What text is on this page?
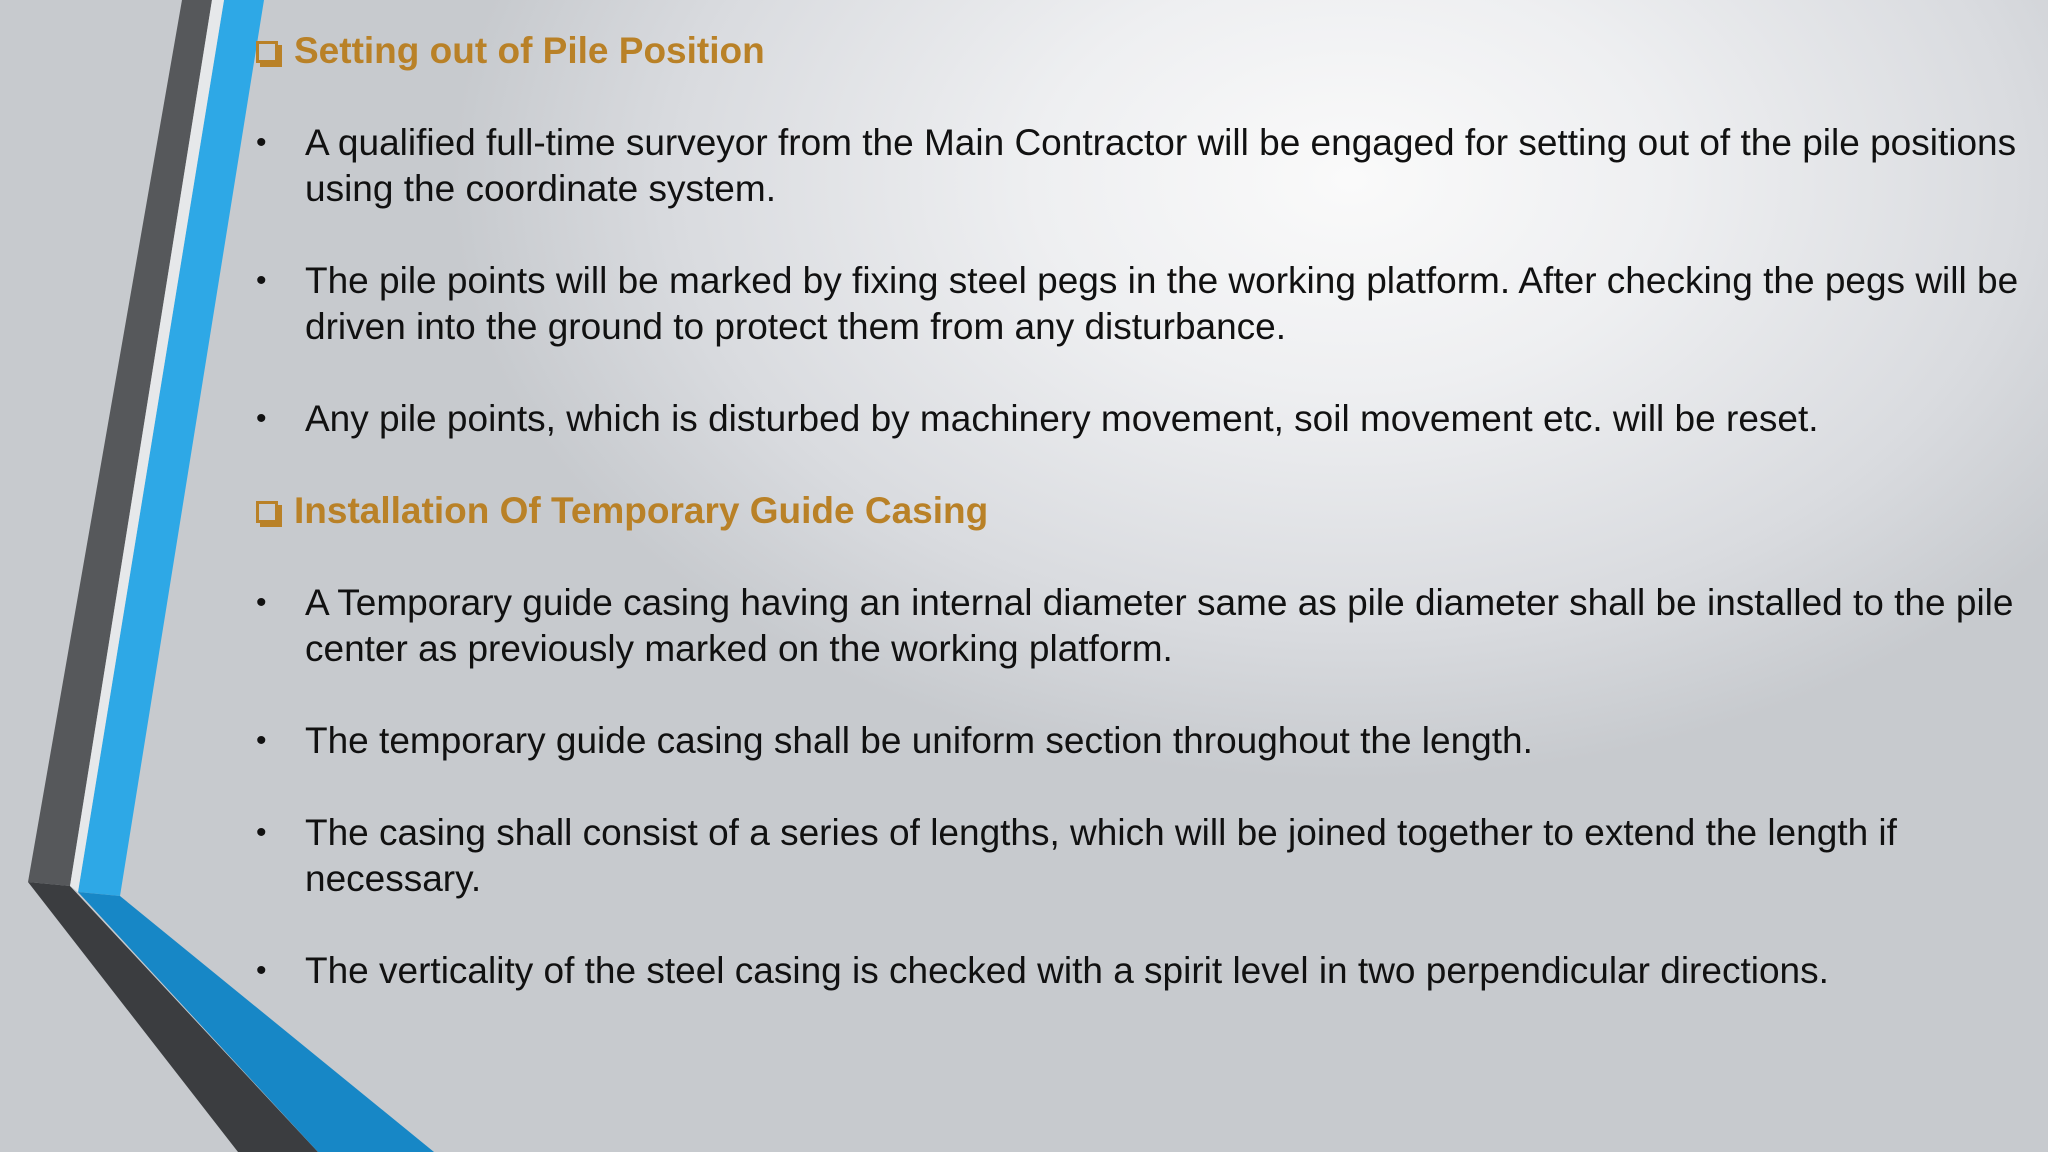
Setting out of Pile Position
•	A qualified full-time surveyor from the Main Contractor will be engaged for setting out of the pile positions using the coordinate system.
•	The pile points will be marked by fixing steel pegs in the working platform. After checking the pegs will be driven into the ground to protect them from any disturbance.
•	Any pile points, which is disturbed by machinery movement, soil movement etc. will be reset.
Installation Of Temporary Guide Casing
•	A Temporary guide casing having an internal diameter same as pile diameter shall be installed to the pile center as previously marked on the working platform.
•	The temporary guide casing shall be uniform section throughout the length.
•	The casing shall consist of a series of lengths, which will be joined together to extend the length if necessary.
•	The verticality of the steel casing is checked with a spirit level in two perpendicular directions.
